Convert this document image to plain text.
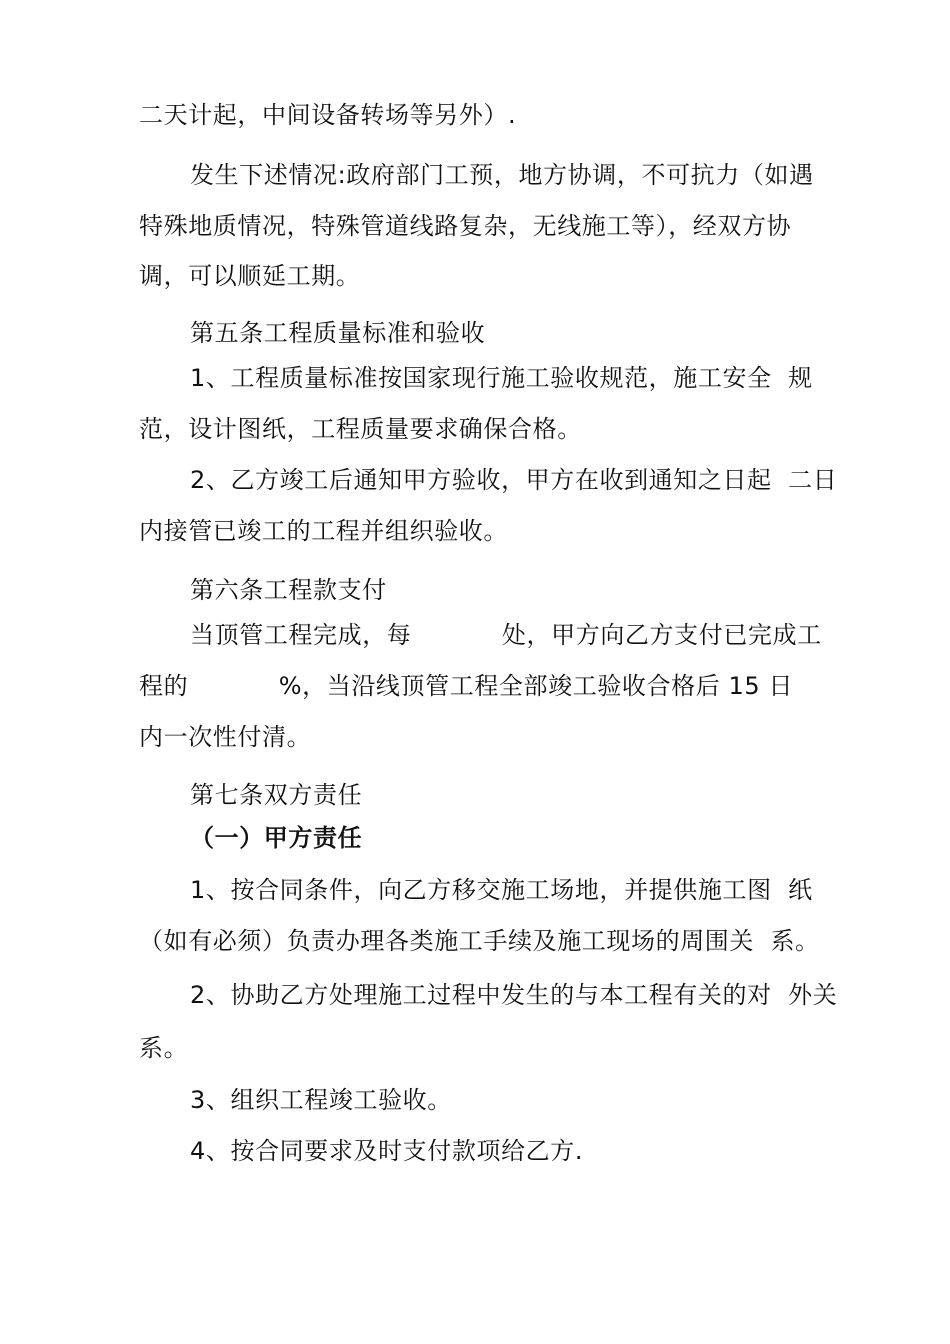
二天计起，中间设备转场等另外）.
发生下述情况:政府部门工预，地方协调，不可抗力（如遇
特殊地质情况，特殊管道线路复杂，无线施工等），经双方协
调，可以顺延工期。
第五条工程质量标准和验收
1、工程质量标准按国家现行施工验收规范，施工安全  规
范，设计图纸，工程质量要求确保合格。
2、乙方竣工后通知甲方验收，甲方在收到通知之日起  二日
内接管已竣工的工程并组织验收。
第六条工程款支付
当顶管工程完成，每           处，甲方向乙方支付已完成工
程的           %，当沿线顶管工程全部竣工验收合格后 15 日
内一次性付清。
第七条双方责任
（一）甲方责任
1、按合同条件，向乙方移交施工场地，并提供施工图  纸
（如有必须）负责办理各类施工手续及施工现场的周围关  系。
2、协助乙方处理施工过程中发生的与本工程有关的对  外关
系。
3、组织工程竣工验收。
4、按合同要求及时支付款项给乙方.
